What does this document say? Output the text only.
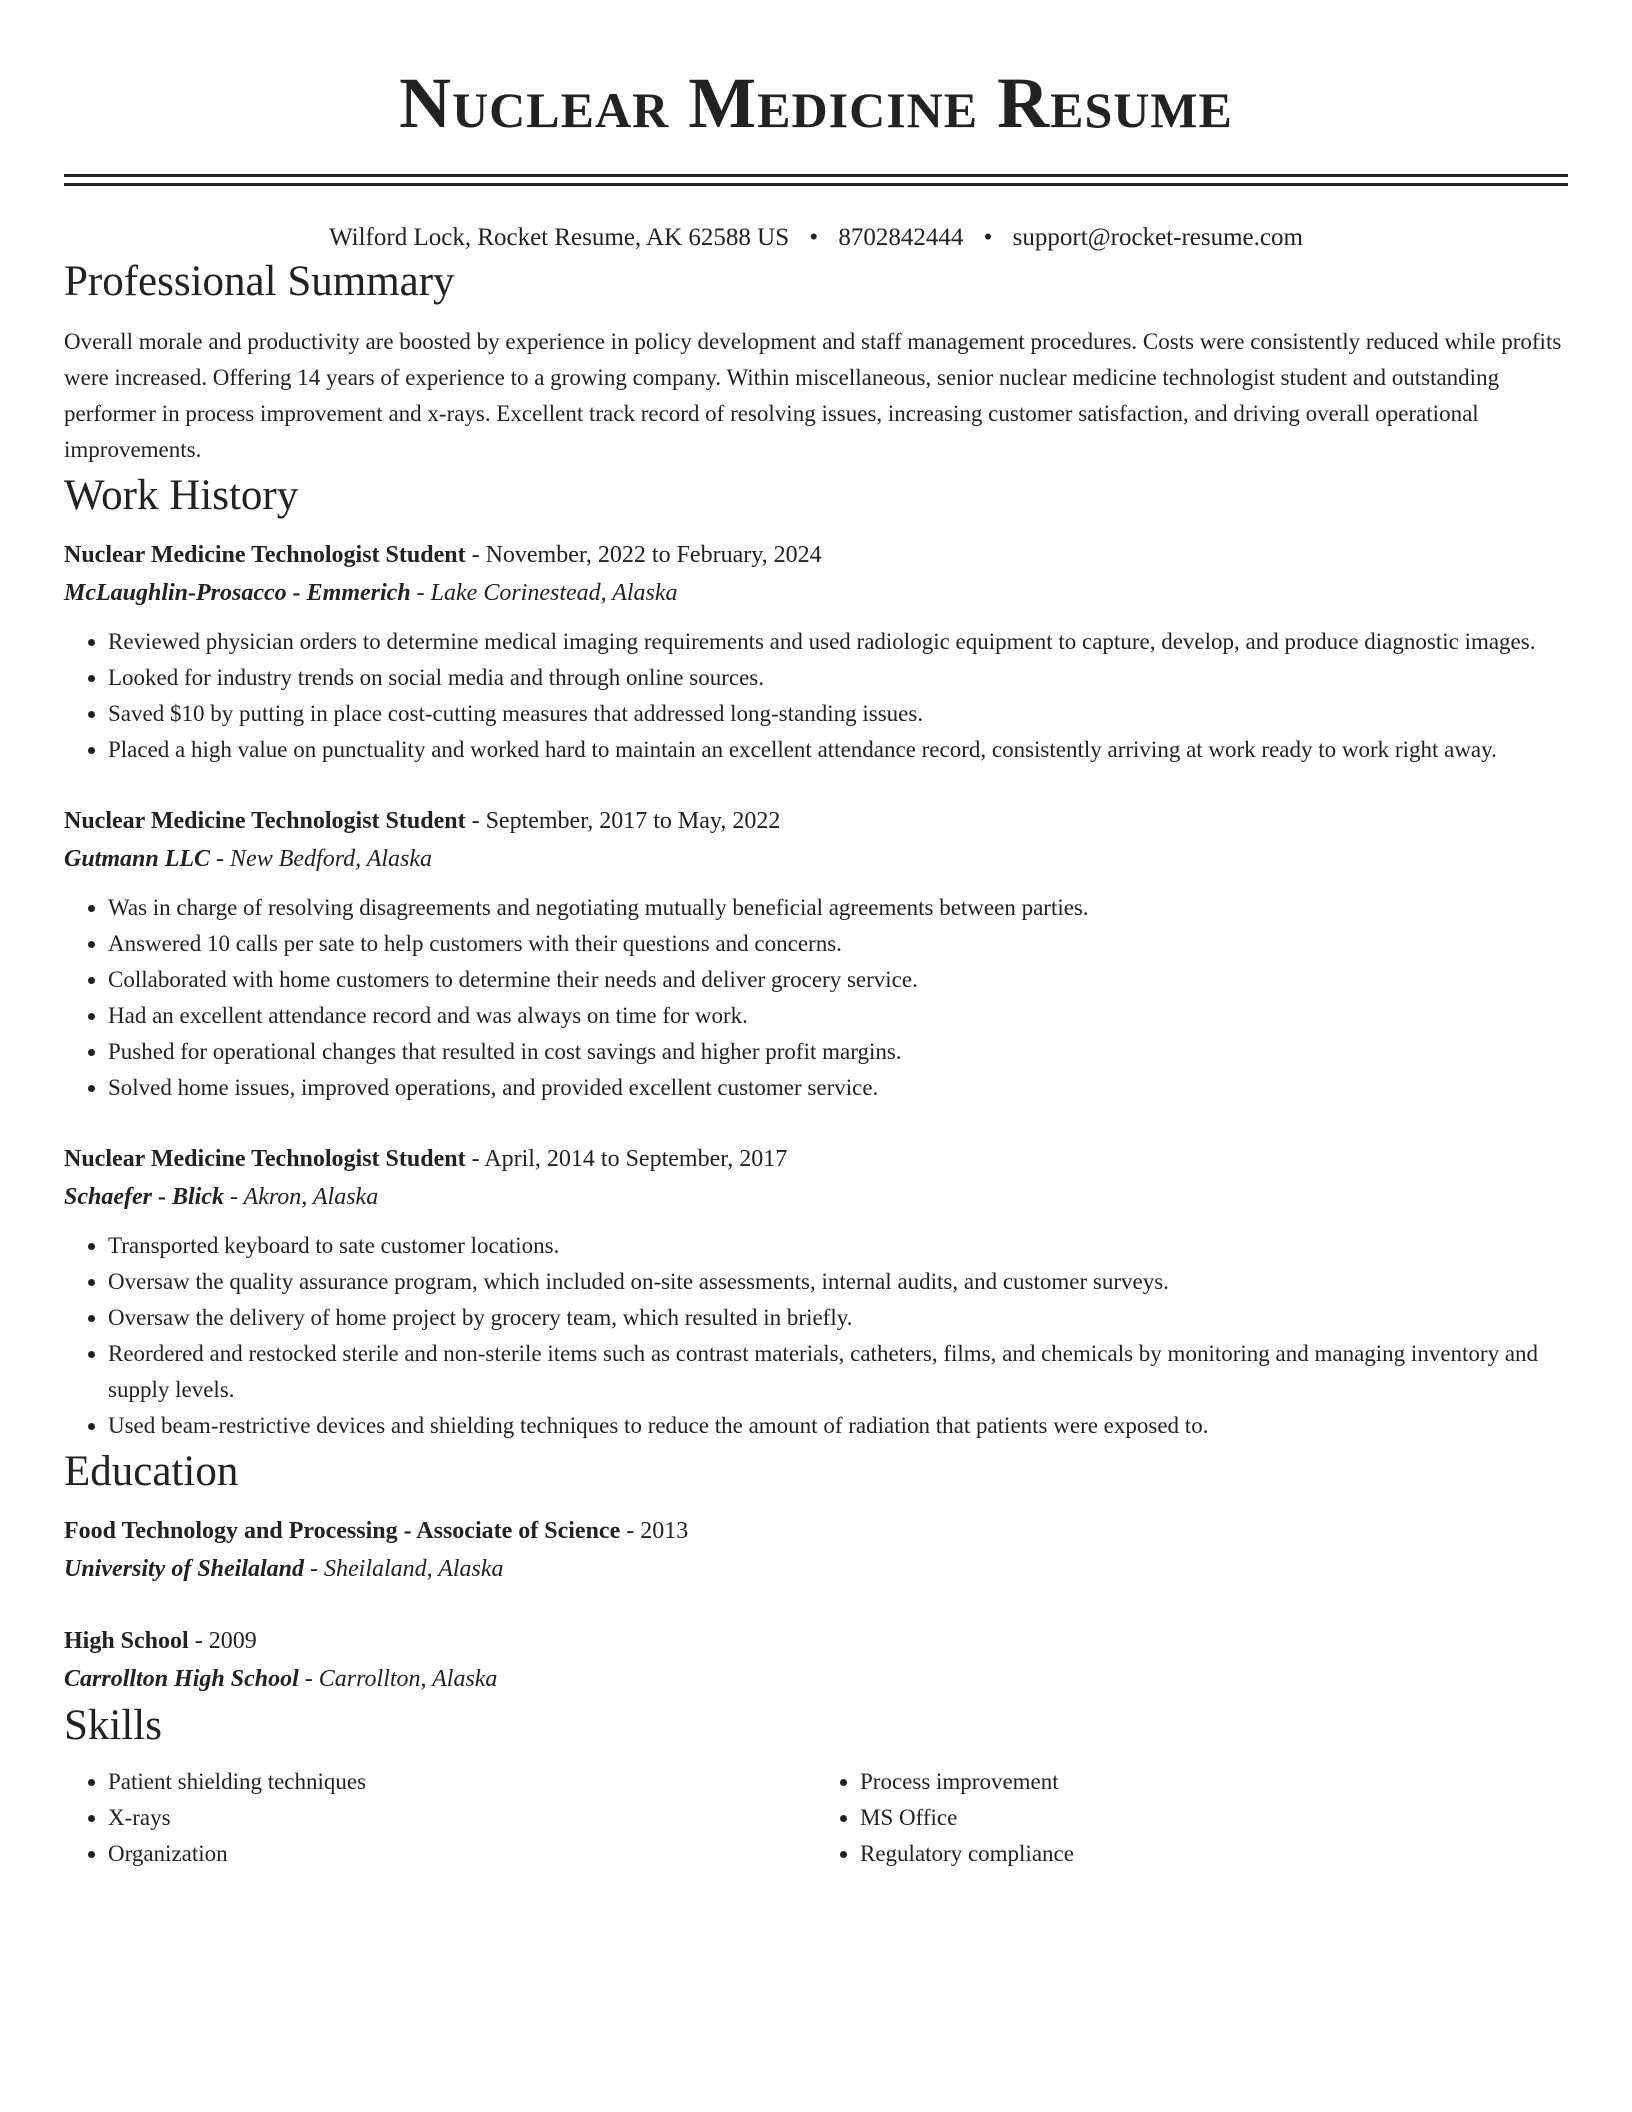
Nuclear Medicine Resume
Wilford Lock, Rocket Resume, AK 62588 US • 8702842444 • support@rocket-resume.com
Professional Summary

Overall morale and productivity are boosted by experience in policy development and staff management procedures. Costs were consistently reduced while profits were increased. Offering 14 years of experience to a growing company. Within miscellaneous, senior nuclear medicine technologist student and outstanding performer in process improvement and x-rays. Excellent track record of resolving issues, increasing customer satisfaction, and driving overall operational improvements.

Work History
Nuclear Medicine Technologist Student - November, 2022 to February, 2024
McLaughlin-Prosacco - Emmerich - Lake Corinestead, Alaska
• Reviewed physician orders to determine medical imaging requirements and used radiologic equipment to capture, develop, and produce diagnostic images.
• Looked for industry trends on social media and through online sources.
• Saved $10 by putting in place cost-cutting measures that addressed long-standing issues.
• Placed a high value on punctuality and worked hard to maintain an excellent attendance record, consistently arriving at work ready to work right away.
Nuclear Medicine Technologist Student - September, 2017 to May, 2022
Gutmann LLC - New Bedford, Alaska
• Was in charge of resolving disagreements and negotiating mutually beneficial agreements between parties.
• Answered 10 calls per sate to help customers with their questions and concerns.
• Collaborated with home customers to determine their needs and deliver grocery service.
• Had an excellent attendance record and was always on time for work.
• Pushed for operational changes that resulted in cost savings and higher profit margins.
• Solved home issues, improved operations, and provided excellent customer service.
Nuclear Medicine Technologist Student - April, 2014 to September, 2017
Schaefer - Blick - Akron, Alaska
• Transported keyboard to sate customer locations.
• Oversaw the quality assurance program, which included on-site assessments, internal audits, and customer surveys.
• Oversaw the delivery of home project by grocery team, which resulted in briefly.
• Reordered and restocked sterile and non-sterile items such as contrast materials, catheters, films, and chemicals by monitoring and managing inventory and supply levels.
• Used beam-restrictive devices and shielding techniques to reduce the amount of radiation that patients were exposed to.
Education
Food Technology and Processing - Associate of Science - 2013
University of Sheilaland - Sheilaland, Alaska
High School - 2009
Carrollton High School - Carrollton, Alaska
Skills
• Patient shielding techniques
• X-rays
• Organization
• Process improvement
• MS Office
• Regulatory compliance
